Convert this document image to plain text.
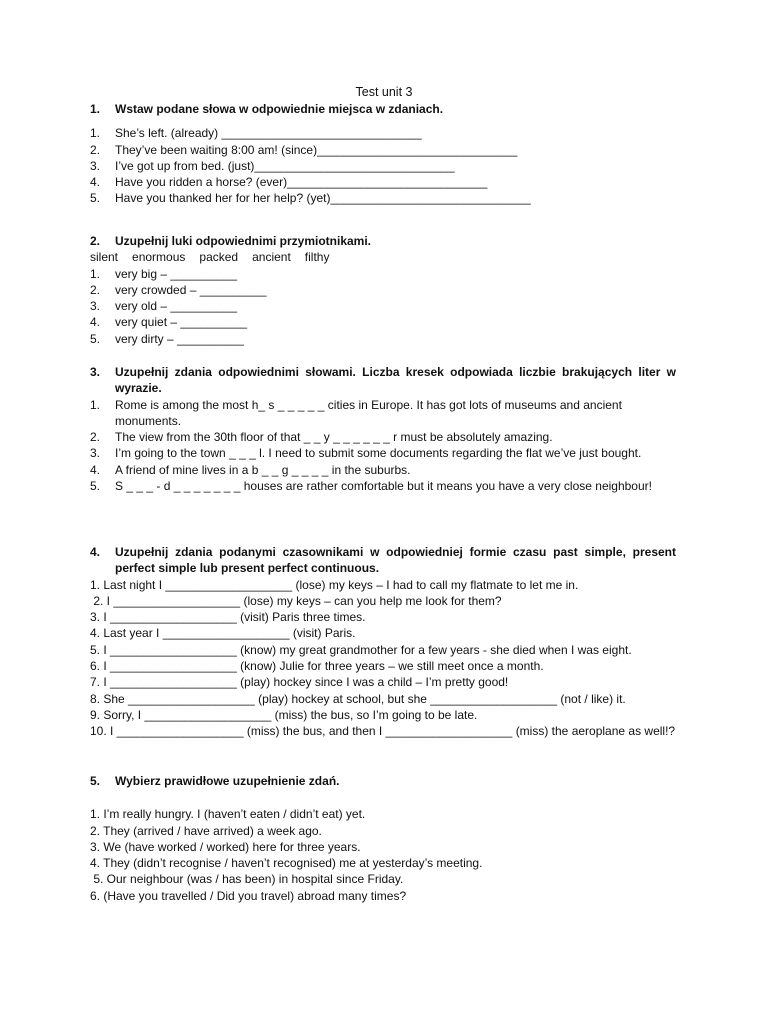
Test unit 3
1. Wstaw podane słowa w odpowiednie miejsca w zdaniach.
1. She’s left. (already) ______________________________
2. They’ve been waiting 8:00 am! (since)______________________________
3. I’ve got up from bed. (just)______________________________
4. Have you ridden a horse? (ever)______________________________
5. Have you thanked her for her help? (yet)______________________________
2. Uzupełnij luki odpowiednimi przymiotnikami.
silent enormous packed ancient filthy
1. very big – __________
2. very crowded – __________
3. very old – __________
4. very quiet – __________
5. very dirty – __________
3. Uzupełnij zdania odpowiednimi słowami. Liczba kresek odpowiada liczbie brakujących liter w wyrazie.
1. Rome is among the most h_ s _ _ _ _ _ cities in Europe. It has got lots of museums and ancient monuments.
2. The view from the 30th floor of that _ _ y _ _ _ _ _ _ r must be absolutely amazing.
3. I’m going to the town _ _ _ l. I need to submit some documents regarding the flat we’ve just bought.
4. A friend of mine lives in a b _ _ g _ _ _ _ in the suburbs.
5. S _ _ _ - d _ _ _ _ _ _ _ houses are rather comfortable but it means you have a very close neighbour!
4. Uzupełnij zdania podanymi czasownikami w odpowiedniej formie czasu past simple, present perfect simple lub present perfect continuous.
1. Last night I ___________________ (lose) my keys – I had to call my flatmate to let me in.
2. I ___________________ (lose) my keys – can you help me look for them?
3. I ___________________ (visit) Paris three times.
4. Last year I ___________________ (visit) Paris.
5. I ___________________ (know) my great grandmother for a few years - she died when I was eight.
6. I ___________________ (know) Julie for three years – we still meet once a month.
7. I ___________________ (play) hockey since I was a child – I’m pretty good!
8. She ___________________ (play) hockey at school, but she ___________________ (not / like) it.
9. Sorry, I ___________________ (miss) the bus, so I’m going to be late.
10. I ___________________ (miss) the bus, and then I ___________________ (miss) the aeroplane as well!?
5. Wybierz prawidłowe uzupełnienie zdań.
1. I’m really hungry. I (haven’t eaten / didn’t eat) yet.
2. They (arrived / have arrived) a week ago.
3. We (have worked / worked) here for three years.
4. They (didn’t recognise / haven’t recognised) me at yesterday’s meeting.
5. Our neighbour (was / has been) in hospital since Friday.
6. (Have you travelled / Did you travel) abroad many times?
